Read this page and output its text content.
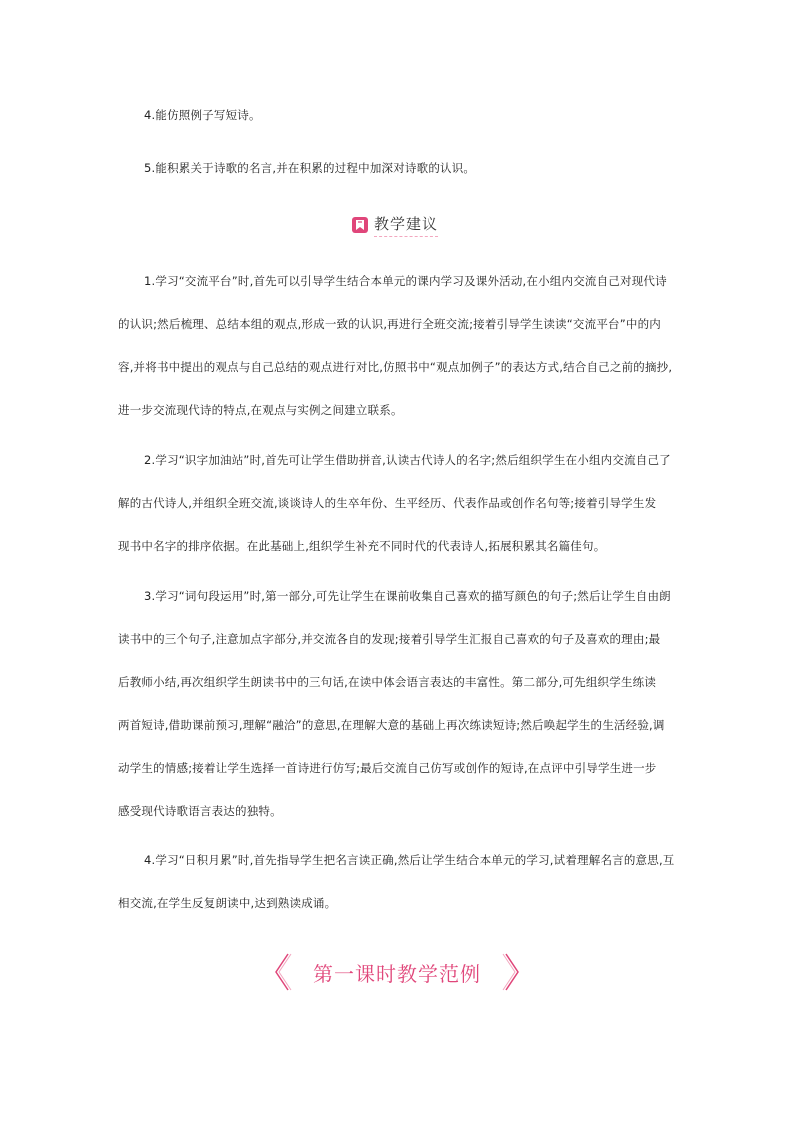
4.能仿照例子写短诗。
5.能积累关于诗歌的名言,并在积累的过程中加深对诗歌的认识。
教学建议
1.学习“交流平台”时,首先可以引导学生结合本单元的课内学习及课外活动,在小组内交流自己对现代诗
的认识;然后梳理、总结本组的观点,形成一致的认识,再进行全班交流;接着引导学生读读“交流平台”中的内
容,并将书中提出的观点与自己总结的观点进行对比,仿照书中“观点加例子”的表达方式,结合自己之前的摘抄,
进一步交流现代诗的特点,在观点与实例之间建立联系。
2.学习“识字加油站”时,首先可让学生借助拼音,认读古代诗人的名字;然后组织学生在小组内交流自己了
解的古代诗人,并组织全班交流,谈谈诗人的生卒年份、生平经历、代表作品或创作名句等;接着引导学生发
现书中名字的排序依据。在此基础上,组织学生补充不同时代的代表诗人,拓展积累其名篇佳句。
3.学习“词句段运用”时,第一部分,可先让学生在课前收集自己喜欢的描写颜色的句子;然后让学生自由朗
读书中的三个句子,注意加点字部分,并交流各自的发现;接着引导学生汇报自己喜欢的句子及喜欢的理由;最
后教师小结,再次组织学生朗读书中的三句话,在读中体会语言表达的丰富性。第二部分,可先组织学生练读
两首短诗,借助课前预习,理解“融洽”的意思,在理解大意的基础上再次练读短诗;然后唤起学生的生活经验,调
动学生的情感;接着让学生选择一首诗进行仿写;最后交流自己仿写或创作的短诗,在点评中引导学生进一步
感受现代诗歌语言表达的独特。
4.学习“日积月累”时,首先指导学生把名言读正确,然后让学生结合本单元的学习,试着理解名言的意思,互
相交流,在学生反复朗读中,达到熟读成诵。
第一课时教学范例
